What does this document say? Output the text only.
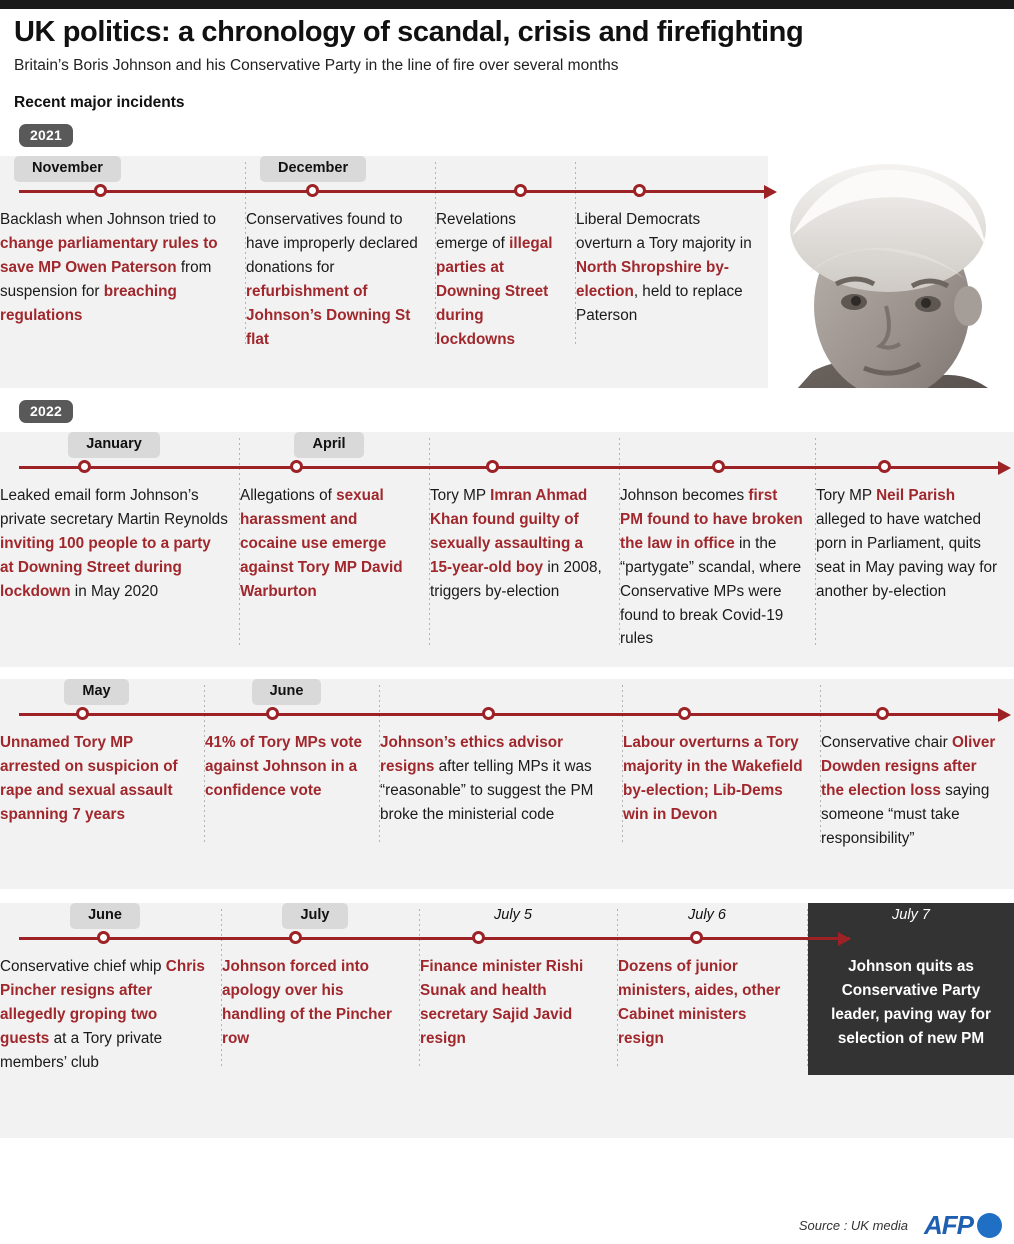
UK politics: a chronology of scandal, crisis and firefighting
Britain’s Boris Johnson and his Conservative Party in the line of fire over several months
Recent major incidents
2021
November
Backlash when Johnson tried to change parliamentary rules to save MP Owen Paterson from suspension for breaching regulations
December
Conservatives found to have improperly declared donations for refurbishment of Johnson’s Downing St flat
Revelations emerge of illegal parties at Downing Street during lockdowns
Liberal Democrats overturn a Tory majority in North Shropshire by-election, held to replace Paterson
2022
January
Leaked email form Johnson’s private secretary Martin Reynolds inviting 100 people to a party at Downing Street during lockdown in May 2020
April
Allegations of sexual harassment and cocaine use emerge against Tory MP David Warburton
Tory MP Imran Ahmad Khan found guilty of sexually assaulting a 15-year-old boy in 2008, triggers by-election
Johnson becomes first PM found to have broken the law in office in the “partygate” scandal, where Conservative MPs were found to break Covid-19 rules
Tory MP Neil Parish alleged to have watched porn in Parliament, quits seat in May paving way for another by-election
May
Unnamed Tory MP arrested on suspicion of rape and sexual assault spanning 7 years
June
41% of Tory MPs vote against Johnson in a confidence vote
Johnson’s ethics advisor resigns after telling MPs it was “reasonable” to suggest the PM broke the ministerial code
Labour overturns a Tory majority in the Wakefield by-election; Lib-Dems win in Devon
Conservative chair Oliver Dowden resigns after the election loss saying someone “must take responsibility”
June
Conservative chief whip Chris Pincher resigns after allegedly groping two guests at a Tory private members’ club
July
Johnson forced into apology over his handling of the Pincher row
July 5
Finance minister Rishi Sunak and health secretary Sajid Javid resign
July 6
Dozens of junior ministers, aides, other Cabinet ministers resign
July 7
Johnson quits as Conservative Party leader, paving way for selection of new PM
Source : UK media AFP
